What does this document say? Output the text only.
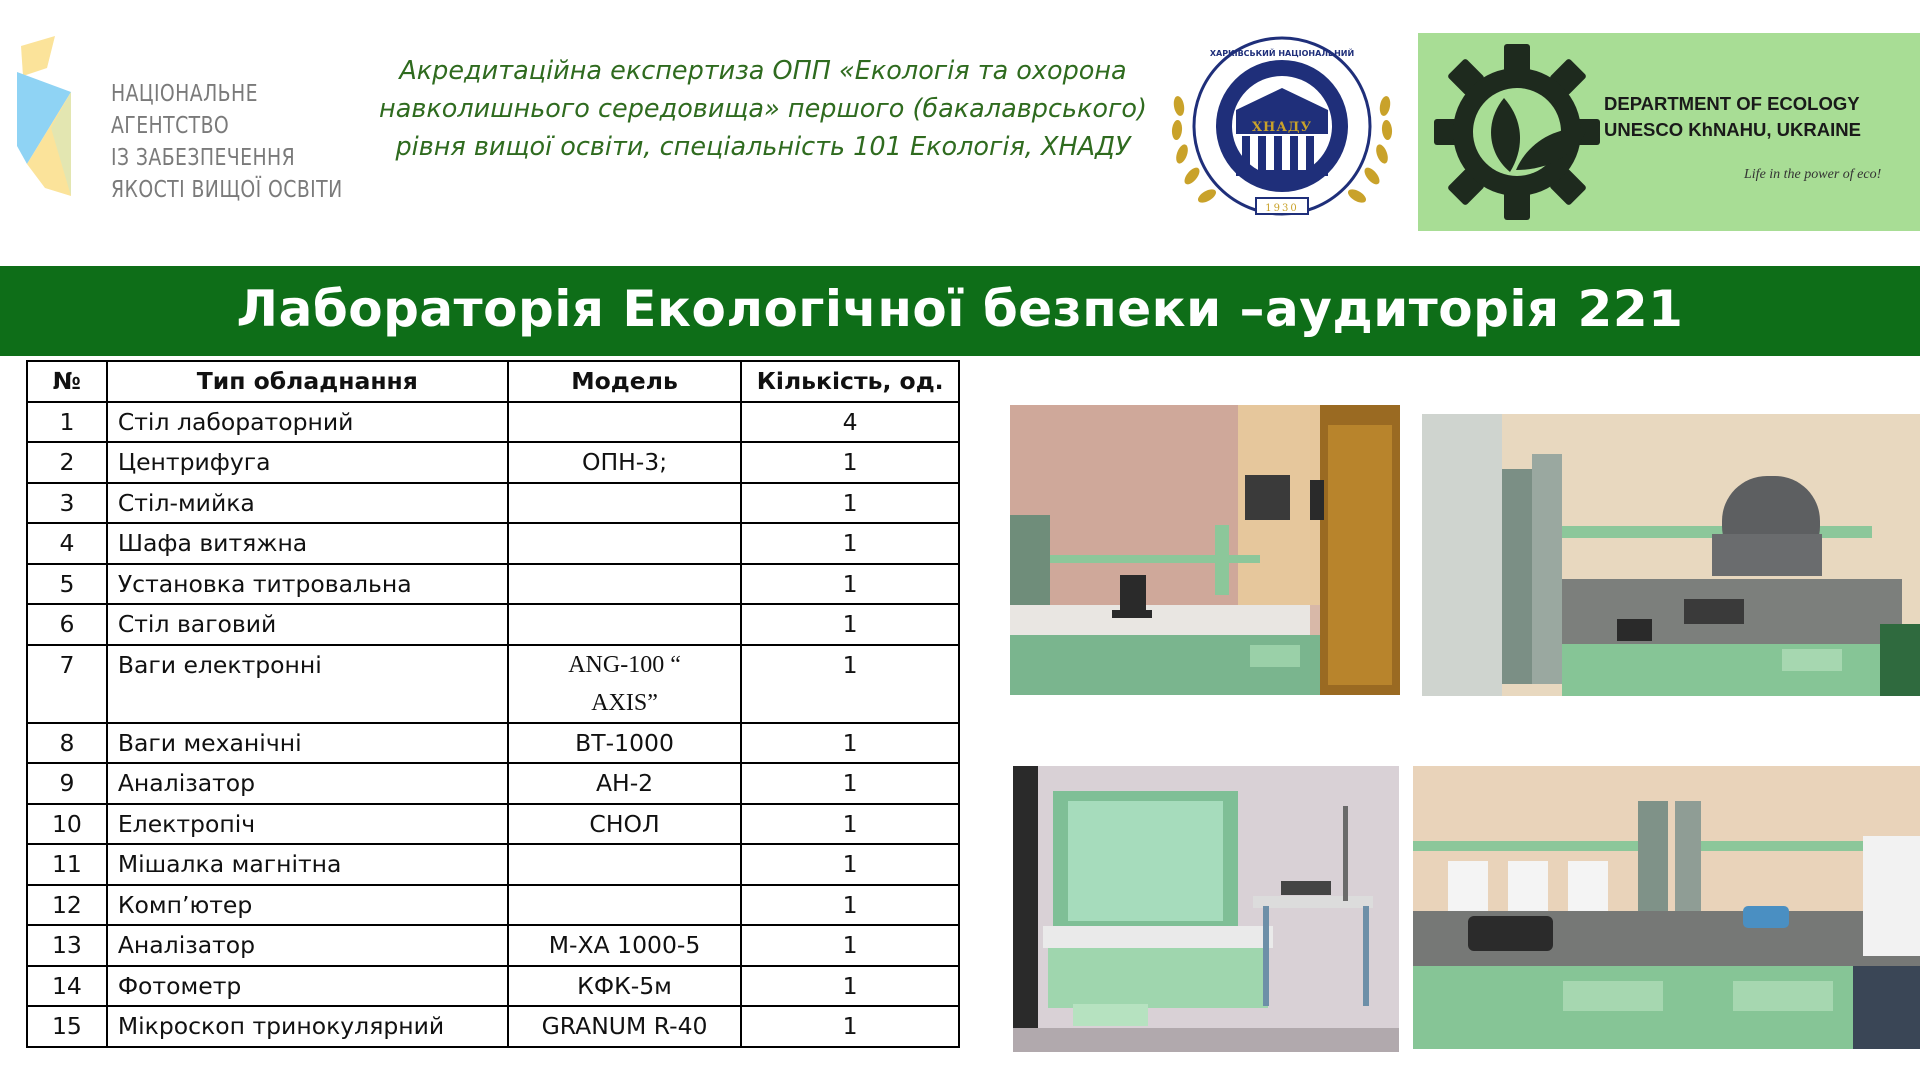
НАЦІОНАЛЬНЕ
АГЕНТСТВО
ІЗ ЗАБЕЗПЕЧЕННЯ
ЯКОСТІ ВИЩОЇ ОСВІТИ
Акредитаційна експертиза ОПП «Екологія та охорона
навколишнього середовища» першого (бакалаврського)
рівня вищої освіти, спеціальність 101 Екологія, ХНАДУ
ХАРКІВСЬКИЙ НАЦІОНАЛЬНИЙ
ХНАДУ
1930
DEPARTMENT OF ECOLOGY
UNESCO KhNAHU, UKRAINE
Life in the power of eco!
Лабораторія Екологічної безпеки –аудиторія 221
№	Тип обладнання	Модель	Кількість, од.
1	Стіл лабораторний		4
2	Центрифуга	ОПН-3;	1
3	Стіл-мийка		1
4	Шафа витяжна		1
5	Установка титровальна		1
6	Стіл ваговий		1
7	Ваги електронні	ANG-100 “ AXIS”	1
8	Ваги механічні	ВТ-1000	1
9	Аналізатор	АН-2	1
10	Електропіч	СНОЛ	1
11	Мішалка магнітна		1
12	Комп’ютер		1
13	Аналізатор	М-ХА 1000-5	1
14	Фотометр	КФК-5м	1
15	Мікроскоп тринокулярний	GRANUM R-40	1
